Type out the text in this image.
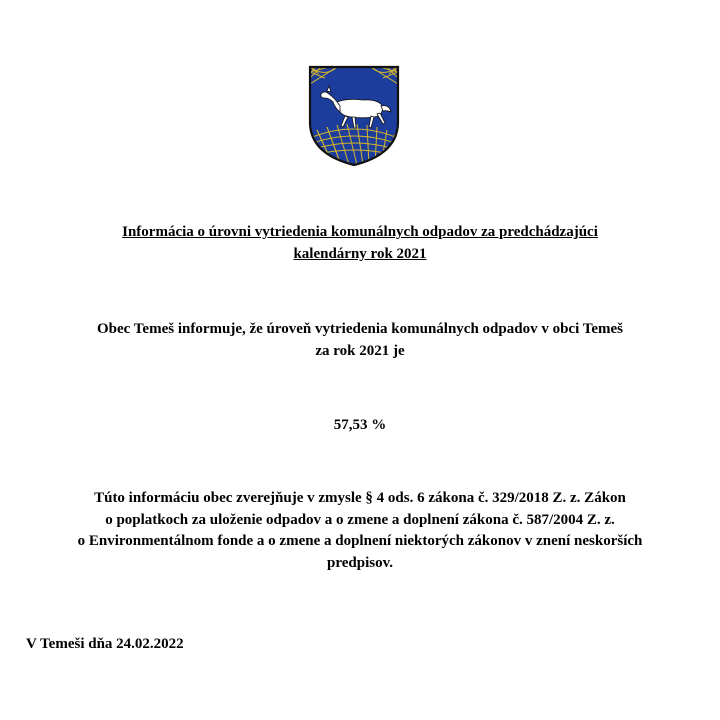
Informácia o úrovni vytriedenia komunálnych odpadov za predchádzajúci
kalendárny rok 2021
Obec Temeš informuje, že úroveň vytriedenia komunálnych odpadov v obci Temeš
za rok 2021 je
57,53 %
Túto informáciu obec zverejňuje v zmysle § 4 ods. 6 zákona č. 329/2018 Z. z. Zákon
o poplatkoch za uloženie odpadov a o zmene a doplnení zákona č. 587/2004 Z. z.
o Environmentálnom fonde a o zmene a doplnení niektorých zákonov v znení neskorších
predpisov.
V Temeši dňa 24.02.2022
